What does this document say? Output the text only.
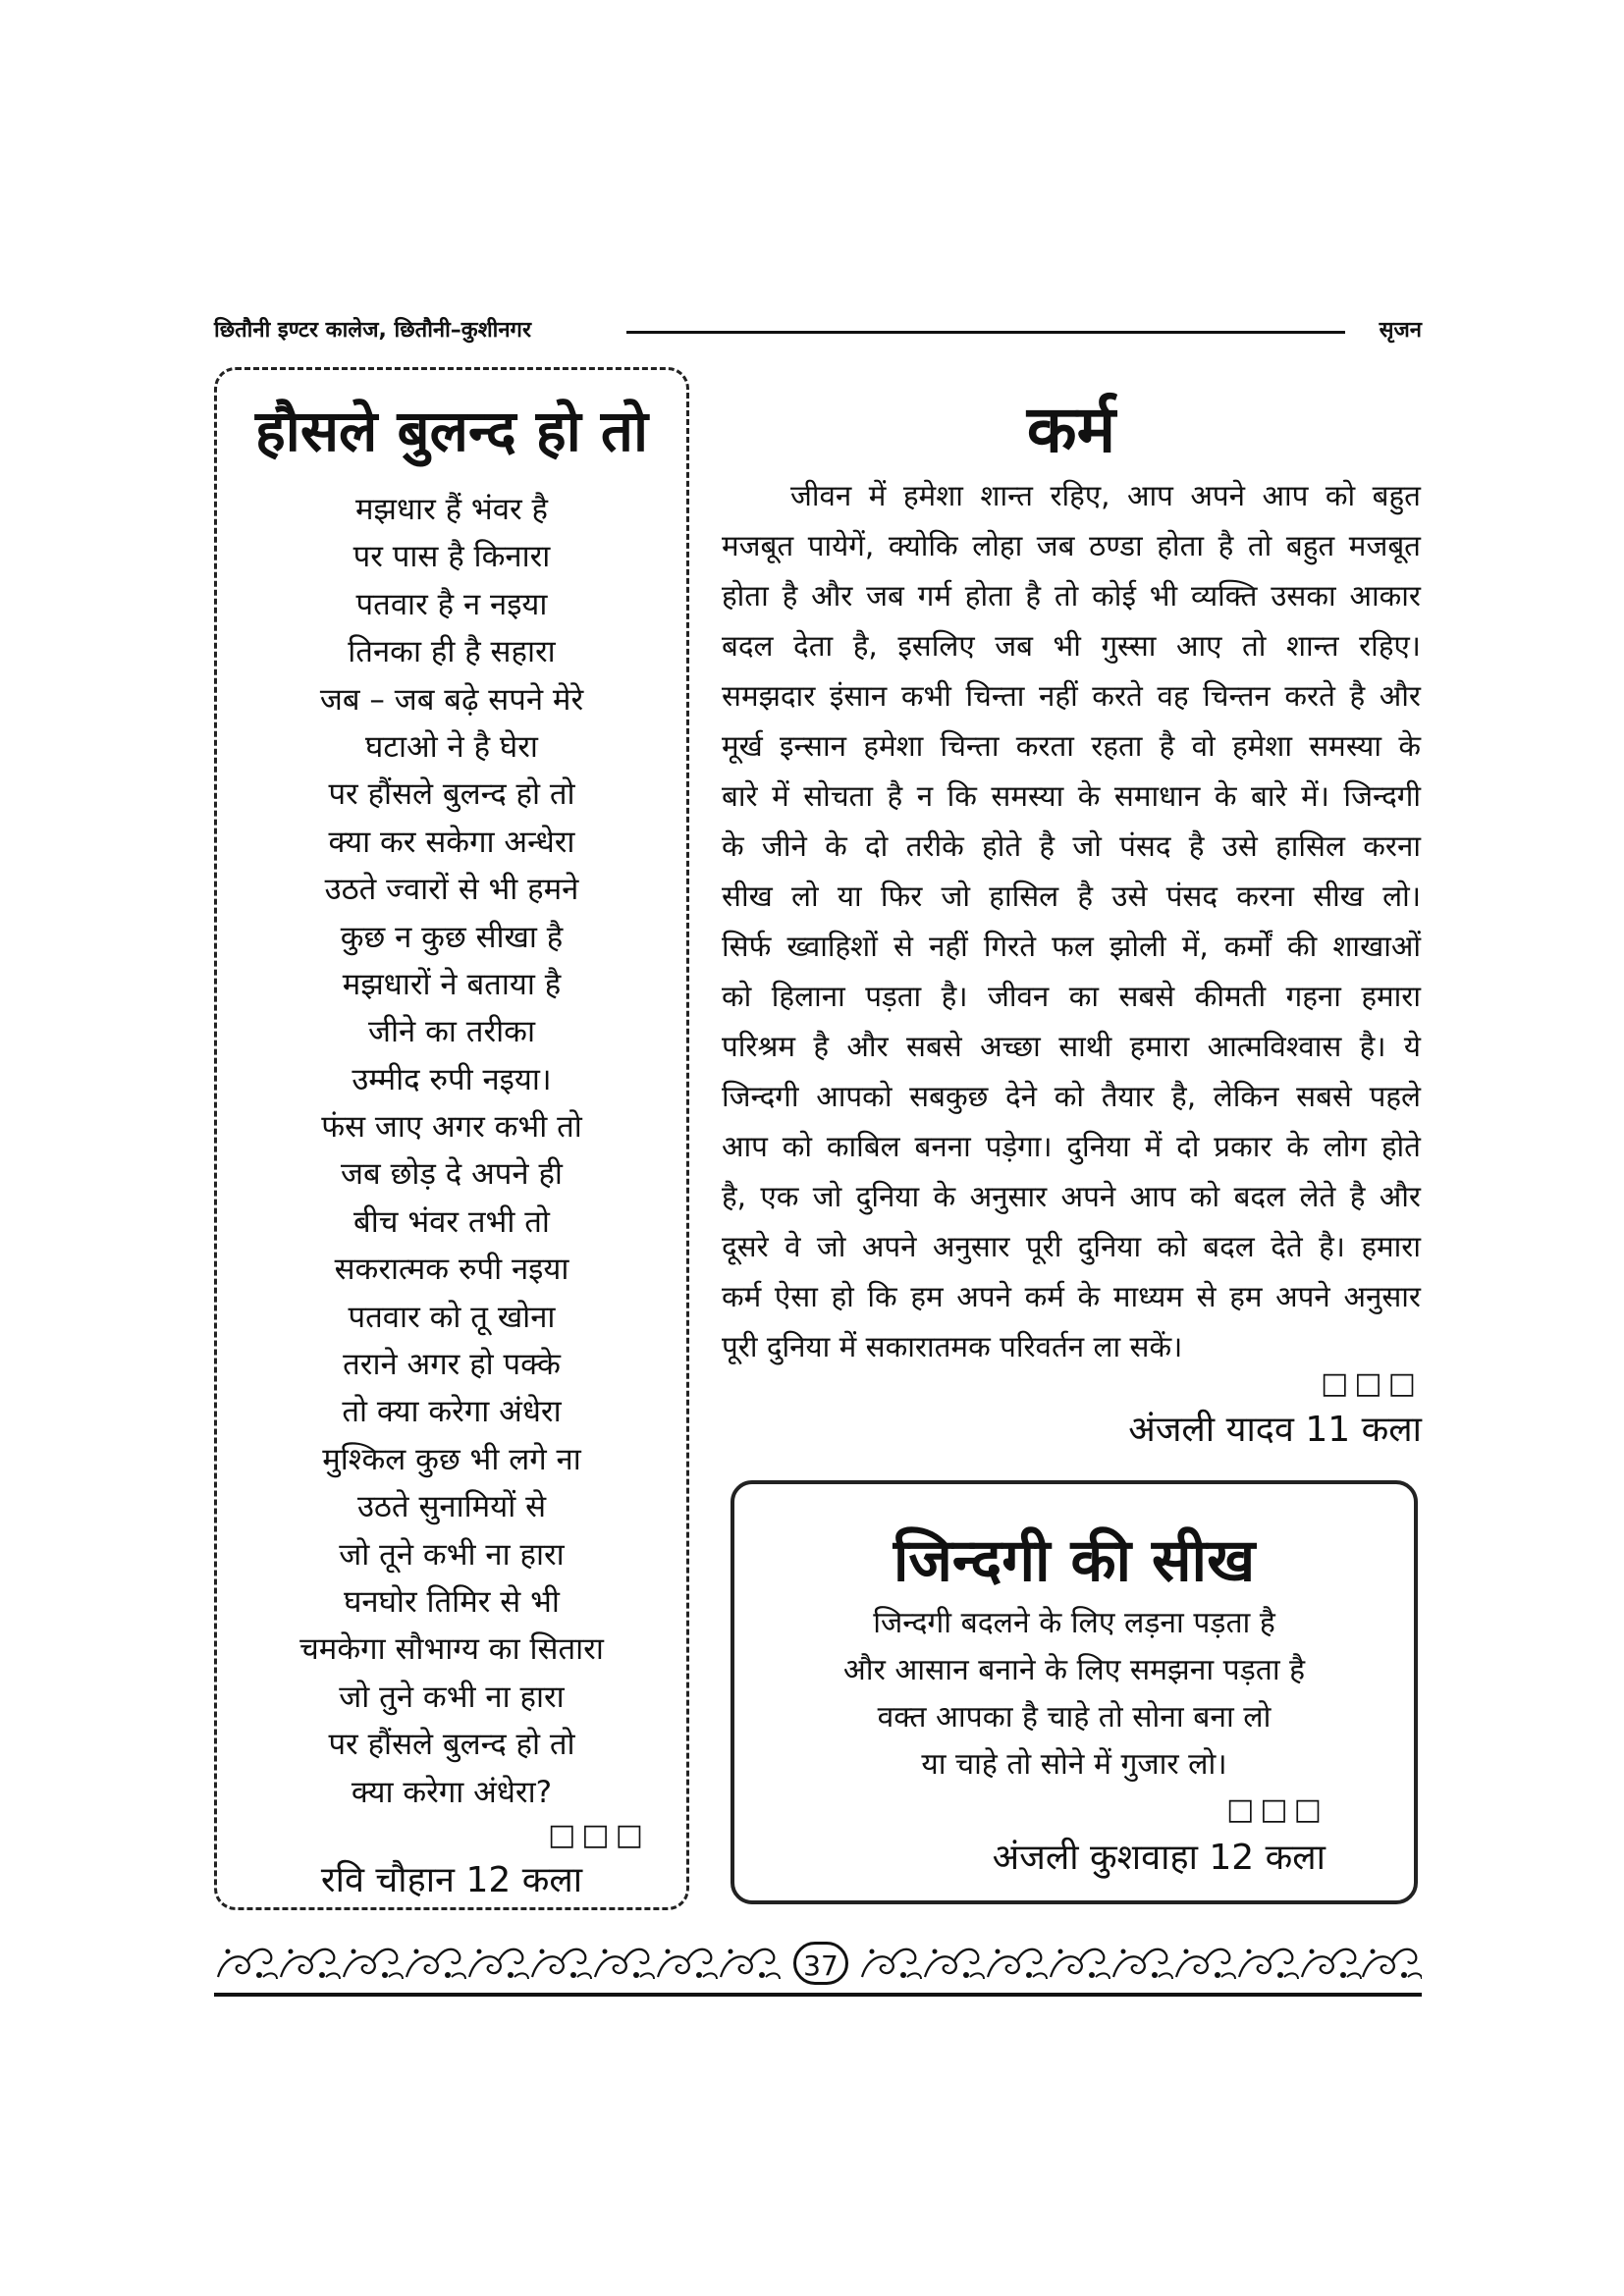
छितौनी इण्टर कालेज, छितौनी–कुशीनगर	सृजन
हौसले बुलन्द हो तो
मझधार हैं भंवर है
पर पास है किनारा
पतवार है न नइया
तिनका ही है सहारा
जब – जब बढ़े सपने मेरे
घटाओ ने है घेरा
पर हौंसले बुलन्द हो तो
क्या कर सकेगा अन्धेरा
उठते ज्वारों से भी हमने
कुछ न कुछ सीखा है
मझधारों ने बताया है
जीने का तरीका
उम्मीद रुपी नइया।
फंस जाए अगर कभी तो
जब छोड़ दे अपने ही
बीच भंवर तभी तो
सकरात्मक रुपी नइया
पतवार को तू खोना
तराने अगर हो पक्के
तो क्या करेगा अंधेरा
मुश्किल कुछ भी लगे ना
उठते सुनामियों से
जो तूने कभी ना हारा
घनघोर तिमिर से भी
चमकेगा सौभाग्य का सितारा
जो तुने कभी ना हारा
पर हौंसले बुलन्द हो तो
क्या करेगा अंधेरा?
□□□
रवि चौहान 12 कला
कर्म
जीवन में हमेशा शान्त रहिए, आप अपने आप को बहुत
मजबूत पायेगें, क्योकि लोहा जब ठण्डा होता है तो बहुत मजबूत
होता है और जब गर्म होता है तो कोई भी व्यक्ति उसका आकार
बदल देता है, इसलिए जब भी गुस्सा आए तो शान्त रहिए।
समझदार इंसान कभी चिन्ता नहीं करते वह चिन्तन करते है और
मूर्ख इन्सान हमेशा चिन्ता करता रहता है वो हमेशा समस्या के
बारे में सोचता है न कि समस्या के समाधान के बारे में। जिन्दगी
के जीने के दो तरीके होते है जो पंसद है उसे हासिल करना
सीख लो या फिर जो हासिल है उसे पंसद करना सीख लो।
सिर्फ ख्वाहिशों से नहीं गिरते फल झोली में, कर्मों की शाखाओं
को हिलाना पड़ता है। जीवन का सबसे कीमती गहना हमारा
परिश्रम है और सबसे अच्छा साथी हमारा आत्मविश्वास है। ये
जिन्दगी आपको सबकुछ देने को तैयार है, लेकिन सबसे पहले
आप को काबिल बनना पड़ेगा। दुनिया में दो प्रकार के लोग होते
है, एक जो दुनिया के अनुसार अपने आप को बदल लेते है और
दूसरे वे जो अपने अनुसार पूरी दुनिया को बदल देते है। हमारा
कर्म ऐसा हो कि हम अपने कर्म के माध्यम से हम अपने अनुसार
पूरी दुनिया में सकारातमक परिवर्तन ला सकें।
□□□
अंजली यादव 11 कला
जिन्दगी की सीख
जिन्दगी बदलने के लिए लड़ना पड़ता है
और आसान बनाने के लिए समझना पड़ता है
वक्त आपका है चाहे तो सोना बना लो
या चाहे तो सोने में गुजार लो।
□□□
अंजली कुशवाहा 12 कला
37
